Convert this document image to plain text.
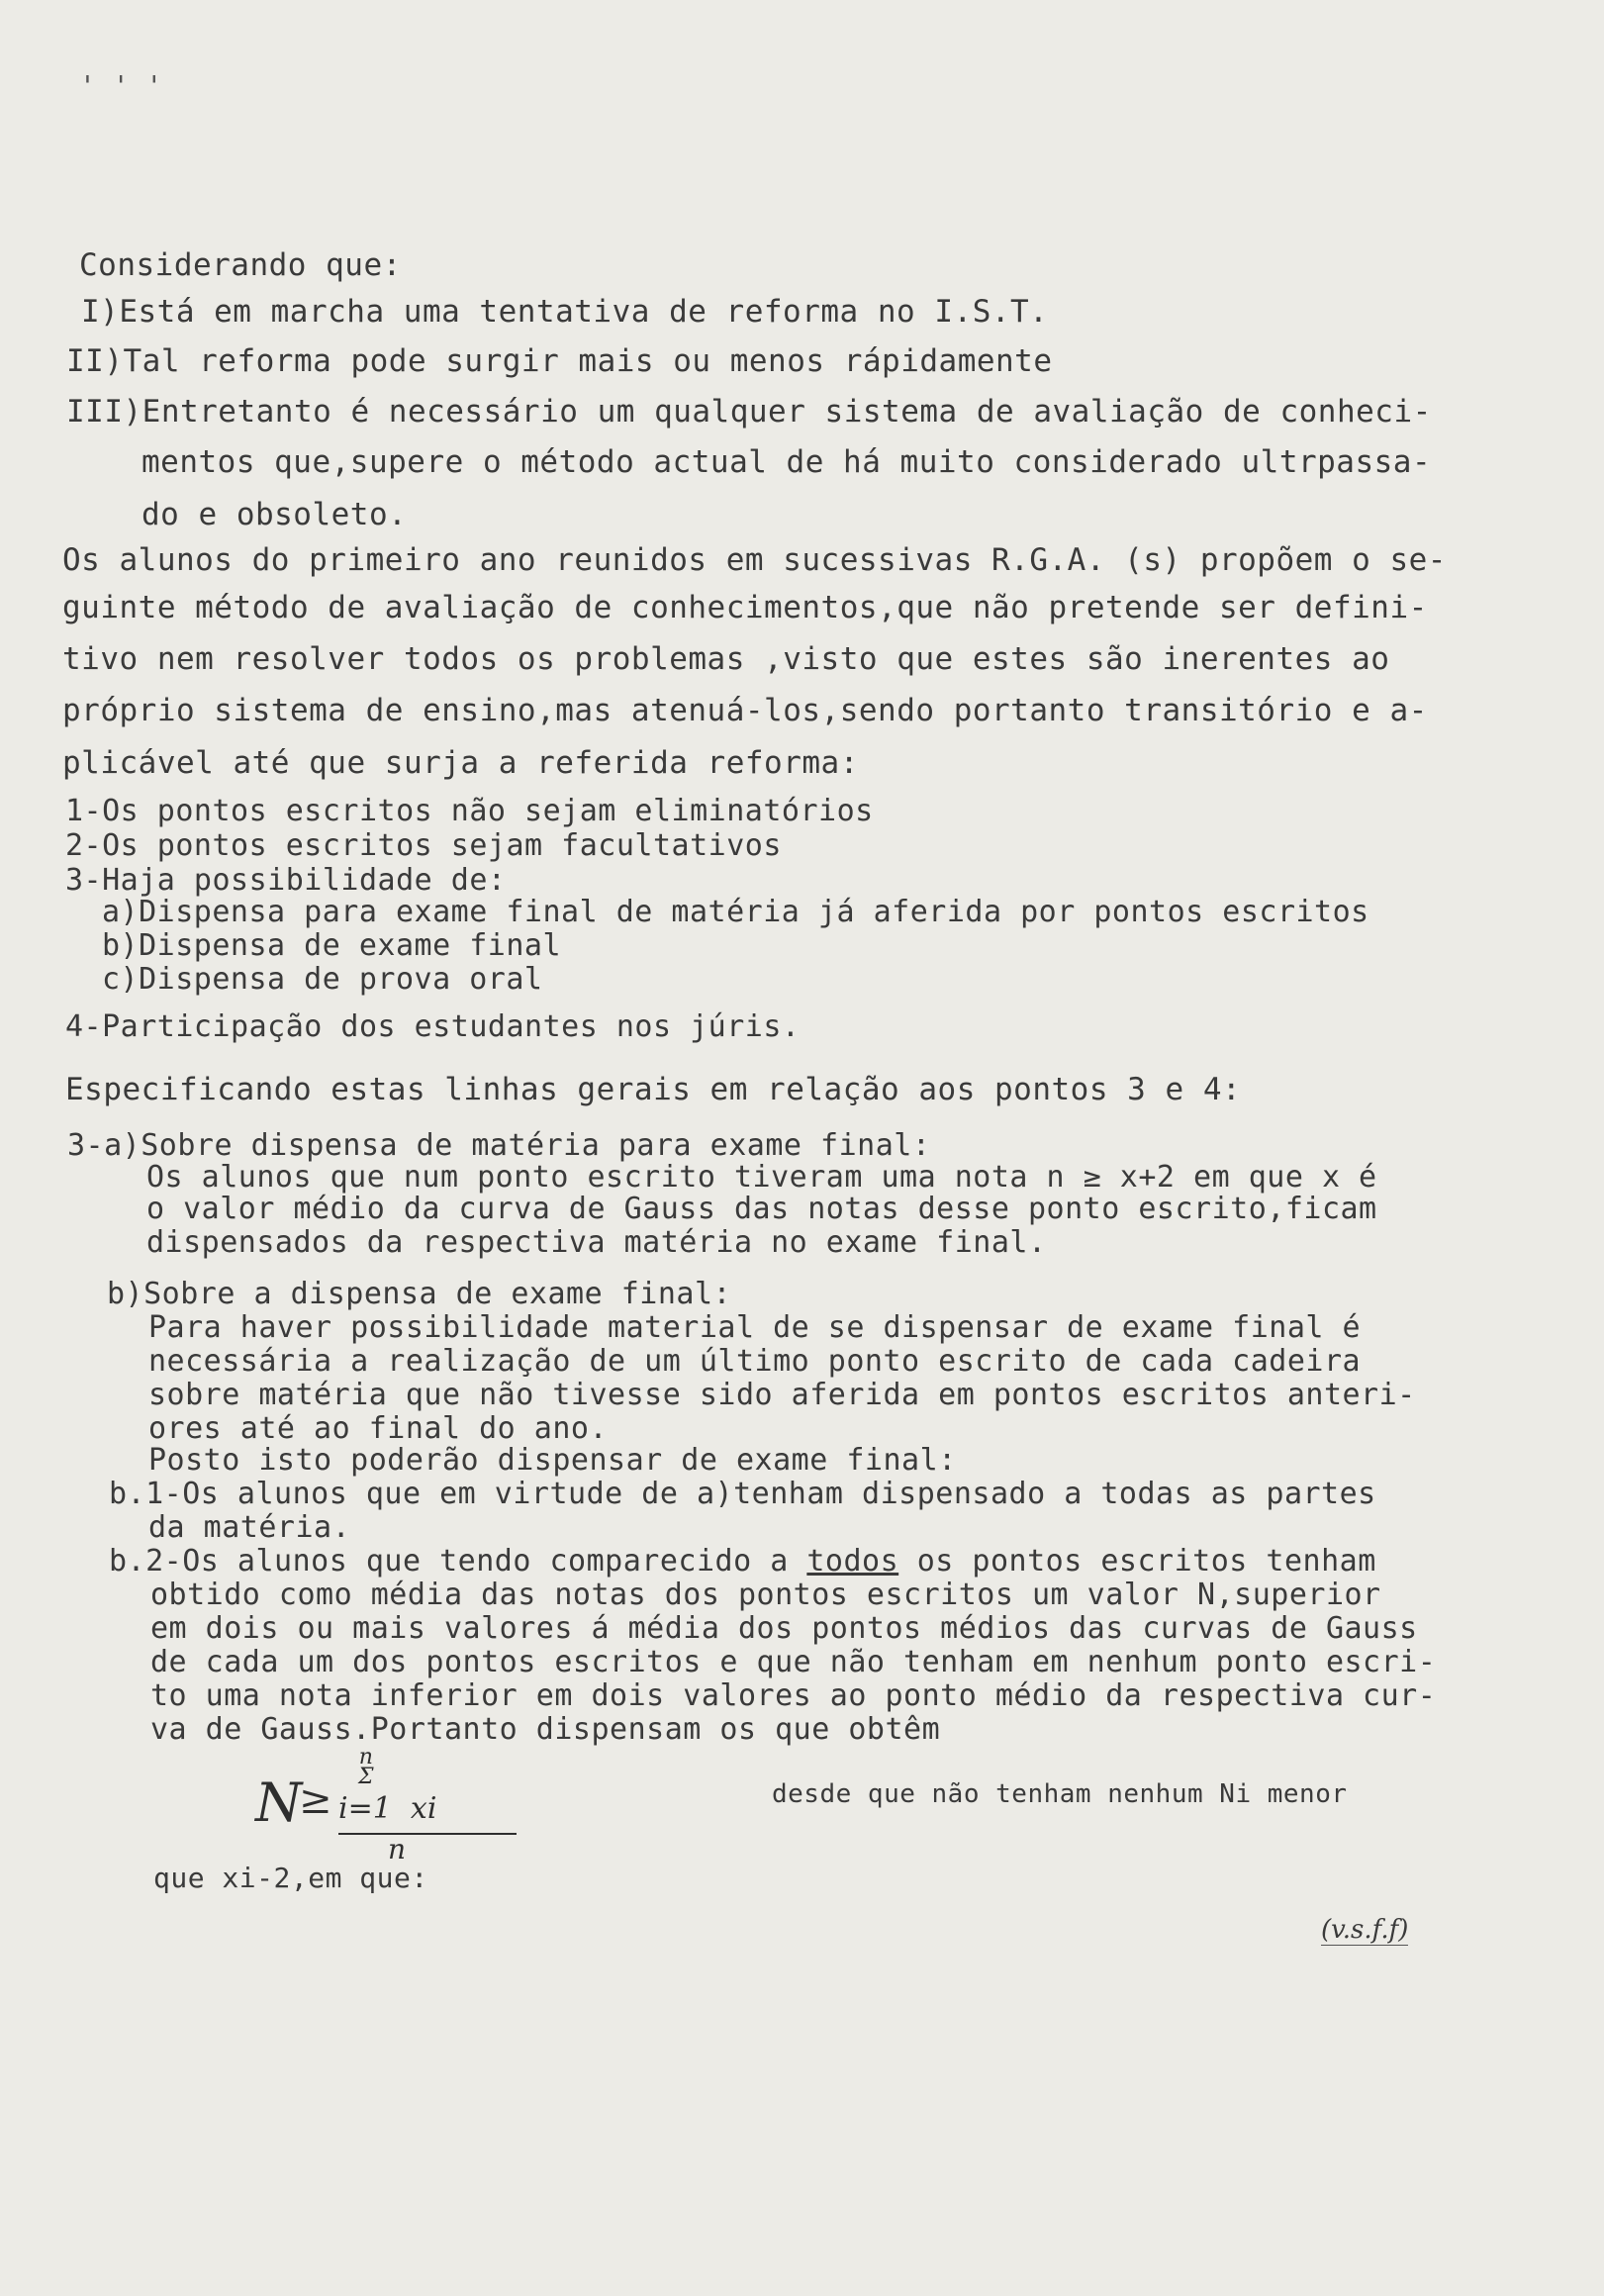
' ' '
Considerando que:
I)Está em marcha uma tentativa de reforma no I.S.T.
II)Tal reforma pode surgir mais ou menos rápidamente
III)Entretanto é necessário um qualquer sistema de avaliação de conheci-
mentos que,supere o método actual de há muito considerado ultrpassa-
do e obsoleto.
Os alunos do primeiro ano reunidos em sucessivas R.G.A. (s) propõem o se-
guinte método de avaliação de conhecimentos,que não pretende ser defini-
tivo nem resolver todos os problemas ,visto que estes são inerentes ao
próprio sistema de ensino,mas atenuá-los,sendo portanto transitório e a-
plicável até que surja a referida reforma:
1-Os pontos escritos não sejam eliminatórios
2-Os pontos escritos sejam facultativos
3-Haja possibilidade de:
a)Dispensa para exame final de matéria já aferida por pontos escritos
b)Dispensa de exame final
c)Dispensa de prova oral
4-Participação dos estudantes nos júris.
Especificando estas linhas gerais em relação aos pontos 3 e 4:
3-a)Sobre dispensa de matéria para exame final:
Os alunos que num ponto escrito tiveram uma nota n ≥ x+2 em que x é
o valor médio da curva de Gauss das notas desse ponto escrito,ficam
dispensados da respectiva matéria no exame final.
b)Sobre a dispensa de exame final:
Para haver possibilidade material de se dispensar de exame final é
necessária a realização de um último ponto escrito de cada cadeira
sobre matéria que não tivesse sido aferida em pontos escritos anteri-
ores até ao final do ano.
Posto isto poderão dispensar de exame final:
b.1-Os alunos que em virtude de a)tenham dispensado a todas as partes
da matéria.
b.2-Os alunos que tendo comparecido a todos os pontos escritos tenham
obtido como média das notas dos pontos escritos um valor N,superior
em dois ou mais valores á média dos pontos médios das curvas de Gauss
de cada um dos pontos escritos e que não tenham em nenhum ponto escri-
to uma nota inferior em dois valores ao ponto médio da respectiva cur-
va de Gauss.Portanto dispensam os que obtêm
N
≥
n
Σ
i=1 xi
n
desde que não tenham nenhum Ni menor
que xi-2,em que:
(v.s.f.f)
